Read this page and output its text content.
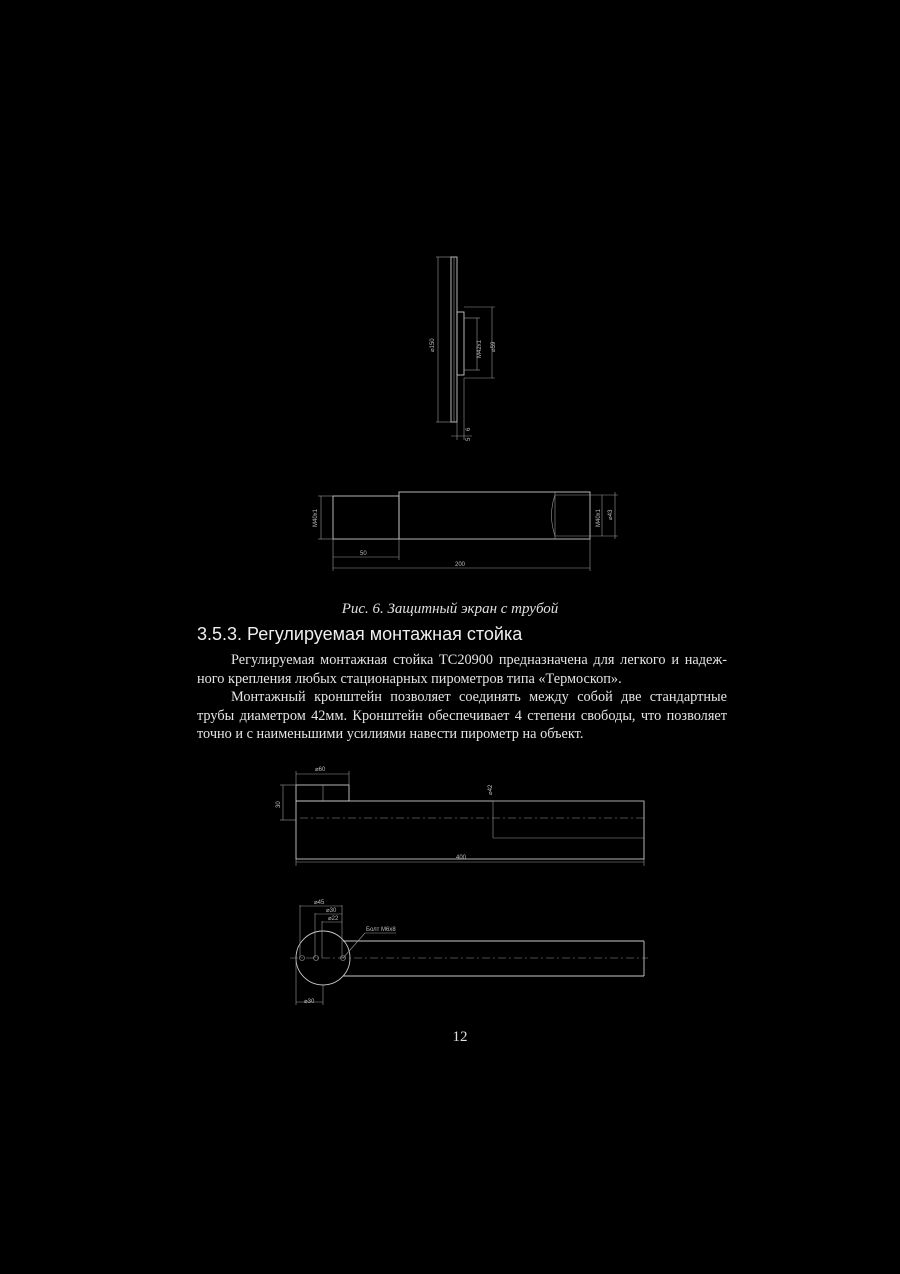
⌀150	⌀59
M42x1
6
5
M40x1	M40x1 ⌀43
50
200
⌀60
30
⌀42
400
⌀45
⌀30
⌀22
Болт М6х8
⌀30
Рис. 6. Защитный экран с трубой
3.5.3. Регулируемая монтажная стойка

Регулируемая монтажная стойка ТС20900 предназначена для легкого и надеж-ного крепления любых стационарных пирометров типа «Термоскоп».

Монтажный кронштейн позволяет соединять между собой две стандартные трубы диаметром 42мм. Кронштейн обеспечивает 4 степени свободы, что позволяет точно и с наименьшими усилиями навести пирометр на объект.

12
